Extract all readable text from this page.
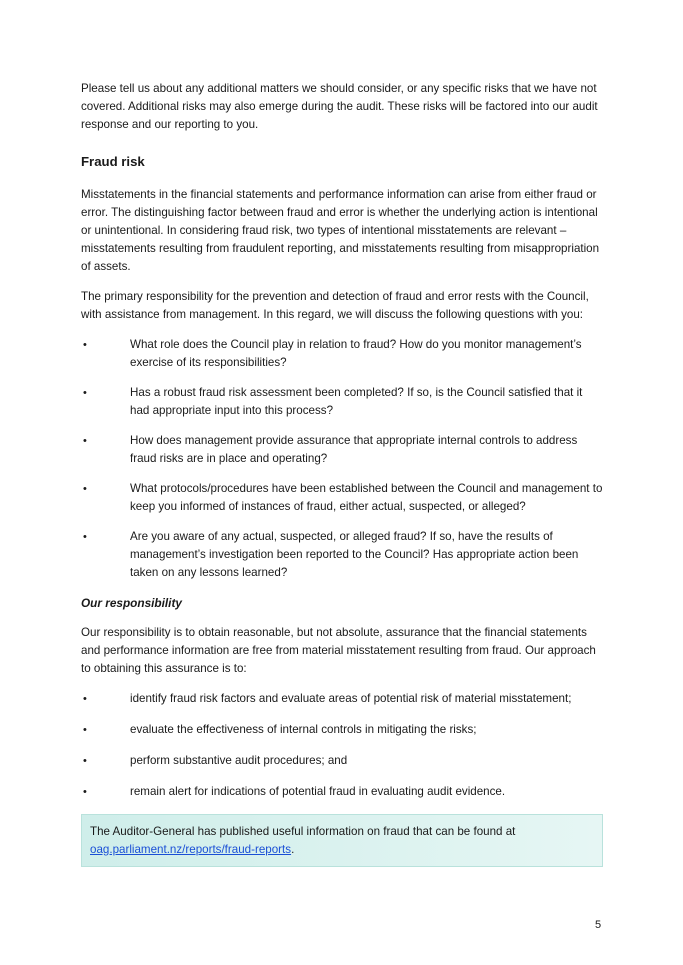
Please tell us about any additional matters we should consider, or any specific risks that we have not covered. Additional risks may also emerge during the audit. These risks will be factored into our audit response and our reporting to you.

Fraud risk

Misstatements in the financial statements and performance information can arise from either fraud or error. The distinguishing factor between fraud and error is whether the underlying action is intentional or unintentional. In considering fraud risk, two types of intentional misstatements are relevant – misstatements resulting from fraudulent reporting, and misstatements resulting from misappropriation of assets.

The primary responsibility for the prevention and detection of fraud and error rests with the Council, with assistance from management. In this regard, we will discuss the following questions with you:

• What role does the Council play in relation to fraud? How do you monitor management’s exercise of its responsibilities?
• Has a robust fraud risk assessment been completed? If so, is the Council satisfied that it had appropriate input into this process?
• How does management provide assurance that appropriate internal controls to address fraud risks are in place and operating?
• What protocols/procedures have been established between the Council and management to keep you informed of instances of fraud, either actual, suspected, or alleged?
• Are you aware of any actual, suspected, or alleged fraud? If so, have the results of management’s investigation been reported to the Council? Has appropriate action been taken on any lessons learned?
Our responsibility

Our responsibility is to obtain reasonable, but not absolute, assurance that the financial statements and performance information are free from material misstatement resulting from fraud. Our approach to obtaining this assurance is to:

• identify fraud risk factors and evaluate areas of potential risk of material misstatement;
• evaluate the effectiveness of internal controls in mitigating the risks;
• perform substantive audit procedures; and
• remain alert for indications of potential fraud in evaluating audit evidence.

The Auditor-General has published useful information on fraud that can be found at
oag.parliament.nz/reports/fraud-reports.

5
